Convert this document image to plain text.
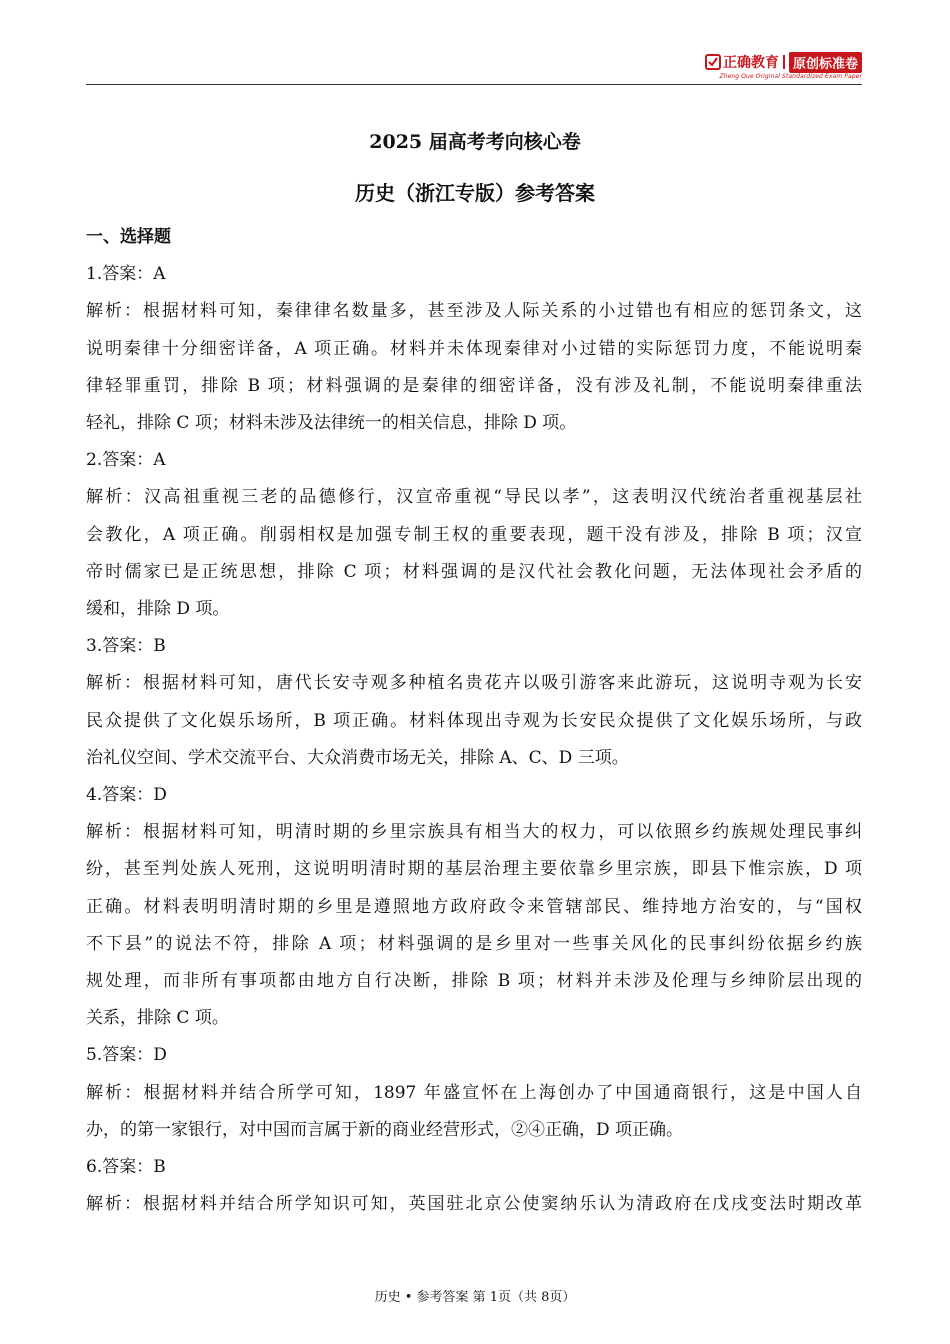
正确教育	原创标准卷
Zheng Que Original Standardized Exam Paper
2025 届高考考向核心卷
历史（浙江专版）参考答案

一、选择题

1.答案：A

解析：根据材料可知，秦律律名数量多，甚至涉及人际关系的小过错也有相应的惩罚条文，这

说明秦律十分细密详备，A 项正确。材料并未体现秦律对小过错的实际惩罚力度，不能说明秦

律轻罪重罚，排除 B 项；材料强调的是秦律的细密详备，没有涉及礼制，不能说明秦律重法

轻礼，排除 C 项；材料未涉及法律统一的相关信息，排除 D 项。

2.答案：A

解析：汉高祖重视三老的品德修行，汉宣帝重视“导民以孝”，这表明汉代统治者重视基层社

会教化，A 项正确。削弱相权是加强专制王权的重要表现，题干没有涉及，排除 B 项；汉宣

帝时儒家已是正统思想，排除 C 项；材料强调的是汉代社会教化问题，无法体现社会矛盾的

缓和，排除 D 项。

3.答案：B

解析：根据材料可知，唐代长安寺观多种植名贵花卉以吸引游客来此游玩，这说明寺观为长安

民众提供了文化娱乐场所，B 项正确。材料体现出寺观为长安民众提供了文化娱乐场所，与政

治礼仪空间、学术交流平台、大众消费市场无关，排除 A、C、D 三项。

4.答案：D

解析：根据材料可知，明清时期的乡里宗族具有相当大的权力，可以依照乡约族规处理民事纠

纷，甚至判处族人死刑，这说明明清时期的基层治理主要依靠乡里宗族，即县下惟宗族，D 项

正确。材料表明明清时期的乡里是遵照地方政府政令来管辖部民、维持地方治安的，与“国权

不下县”的说法不符，排除 A 项；材料强调的是乡里对一些事关风化的民事纠纷依据乡约族

规处理，而非所有事项都由地方自行决断，排除 B 项；材料并未涉及伦理与乡绅阶层出现的

关系，排除 C 项。

5.答案：D

解析：根据材料并结合所学可知，1897 年盛宣怀在上海创办了中国通商银行，这是中国人自

办，的第一家银行，对中国而言属于新的商业经营形式，②④正确，D 项正确。

6.答案：B

解析：根据材料并结合所学知识可知，英国驻北京公使窦纳乐认为清政府在戊戌变法时期改革

历史 • 参考答案 第 1页（共 8页）
